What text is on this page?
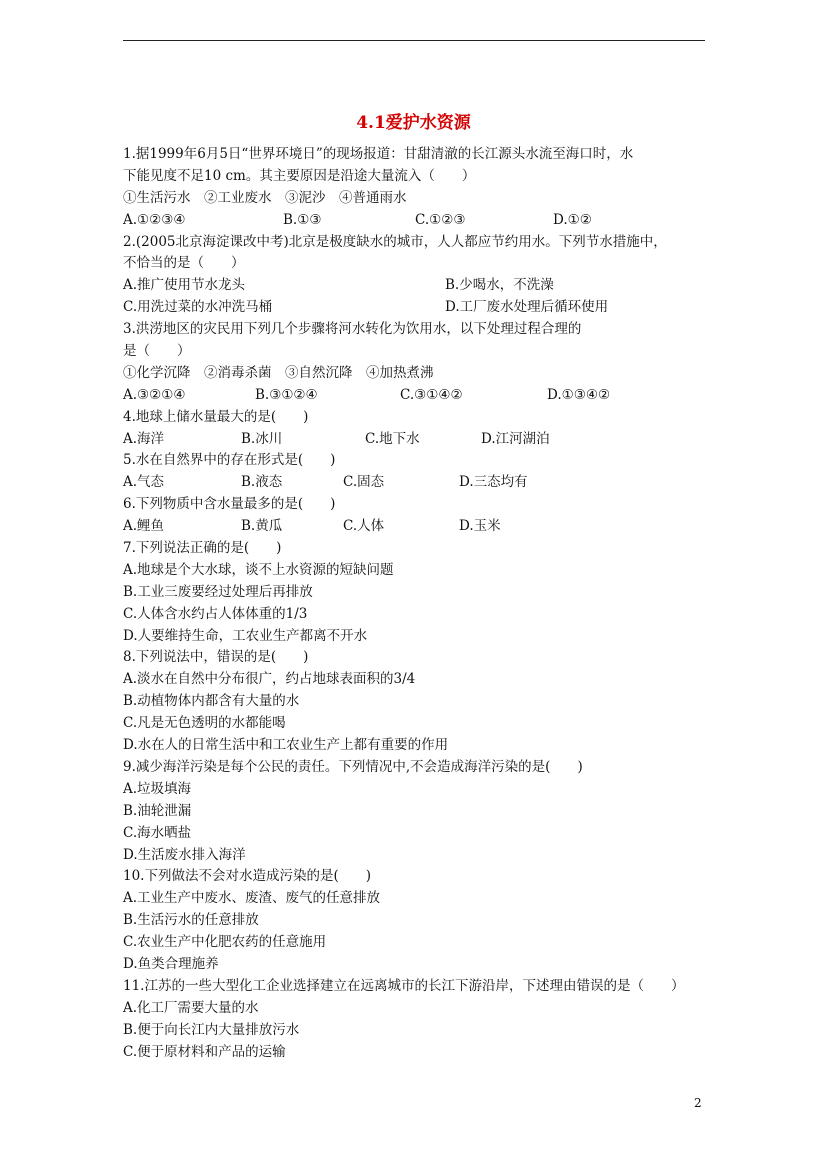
4.1爱护水资源
1.据1999年6月5日“世界环境日”的现场报道：甘甜清澈的长江源头水流至海口时，水
下能见度不足10 cm。其主要原因是沿途大量流入（　　）
①生活污水　②工业废水　③泥沙　④普通雨水
A.①②③④	B.①③	C.①②③	D.①②
2.(2005北京海淀课改中考)北京是极度缺水的城市，人人都应节约用水。下列节水措施中，
不恰当的是（　　）
A.推广使用节水龙头	B.少喝水，不洗澡
C.用洗过菜的水冲洗马桶	D.工厂废水处理后循环使用
3.洪涝地区的灾民用下列几个步骤将河水转化为饮用水，以下处理过程合理的
是（　　）
①化学沉降　②消毒杀菌　③自然沉降　④加热煮沸
A.③②①④	B.③①②④	C.③①④②	D.①③④②
4.地球上储水量最大的是(　　)
A.海洋	B.冰川	C.地下水	D.江河湖泊
5.水在自然界中的存在形式是(　　)
A.气态	B.液态	C.固态	D.三态均有
6.下列物质中含水量最多的是(　　)
A.鲤鱼	B.黄瓜	C.人体	D.玉米
7.下列说法正确的是(　　)
A.地球是个大水球，谈不上水资源的短缺问题
B.工业三废要经过处理后再排放
C.人体含水约占人体体重的1/3
D.人要维持生命，工农业生产都离不开水
8.下列说法中，错误的是(　　)
A.淡水在自然中分布很广，约占地球表面积的3/4
B.动植物体内都含有大量的水
C.凡是无色透明的水都能喝
D.水在人的日常生活中和工农业生产上都有重要的作用
9.减少海洋污染是每个公民的责任。下列情况中,不会造成海洋污染的是(　　)
A.垃圾填海
B.油轮泄漏
C.海水晒盐
D.生活废水排入海洋
10.下列做法不会对水造成污染的是(　　)
A.工业生产中废水、废渣、废气的任意排放
B.生活污水的任意排放
C.农业生产中化肥农药的任意施用
D.鱼类合理施养
11.江苏的一些大型化工企业选择建立在远离城市的长江下游沿岸，下述理由错误的是（　　）
A.化工厂需要大量的水
B.便于向长江内大量排放污水
C.便于原材料和产品的运输
2
